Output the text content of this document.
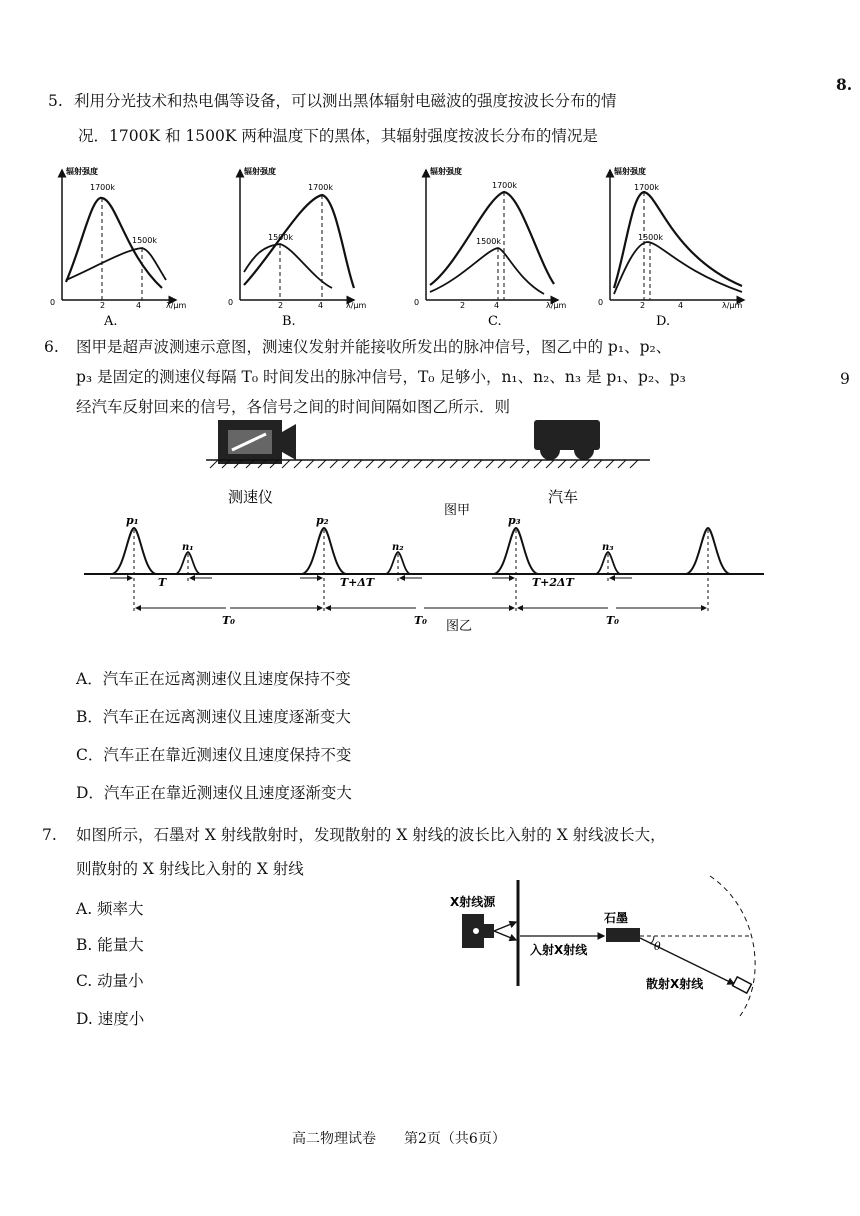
8.
9
5. 利用分光技术和热电偶等设备，可以测出黑体辐射电磁波的强度按波长分布的情
况．1700K 和 1500K 两种温度下的黑体，其辐射强度按波长分布的情况是
辐射强度
1700k
1500k
0	2	4	λ/μm
A.
辐射强度
1700k
1500k
0	2	4	λ/μm
B.
辐射强度
1700k
1500k
0	2	4	λ/μm
C.
辐射强度
1700k
1500k
0	2	4	λ/μm
D.
6. 图甲是超声波测速示意图，测速仪发射并能接收所发出的脉冲信号，图乙中的 p₁、p₂、
p₃ 是固定的测速仪每隔 T₀ 时间发出的脉冲信号，T₀ 足够小，n₁、n₂、n₃ 是 p₁、p₂、p₃
经汽车反射回来的信号，各信号之间的时间间隔如图乙所示．则
测速仪	汽车
图甲
p₁	p₂	p₃
n₁	n₂	n₃
T	T+ΔT	T+2ΔT
T₀	T₀	T₀
图乙
A．汽车正在远离测速仪且速度保持不变
B．汽车正在远离测速仪且速度逐渐变大
C．汽车正在靠近测速仪且速度保持不变
D．汽车正在靠近测速仪且速度逐渐变大
7. 如图所示，石墨对 X 射线散射时，发现散射的 X 射线的波长比入射的 X 射线波长大，
则散射的 X 射线比入射的 X 射线
A. 频率大
B. 能量大
C. 动量小
D. 速度小
θ
X射线源
石墨
入射X射线
散射X射线
高二物理试卷　　第2页（共6页）
